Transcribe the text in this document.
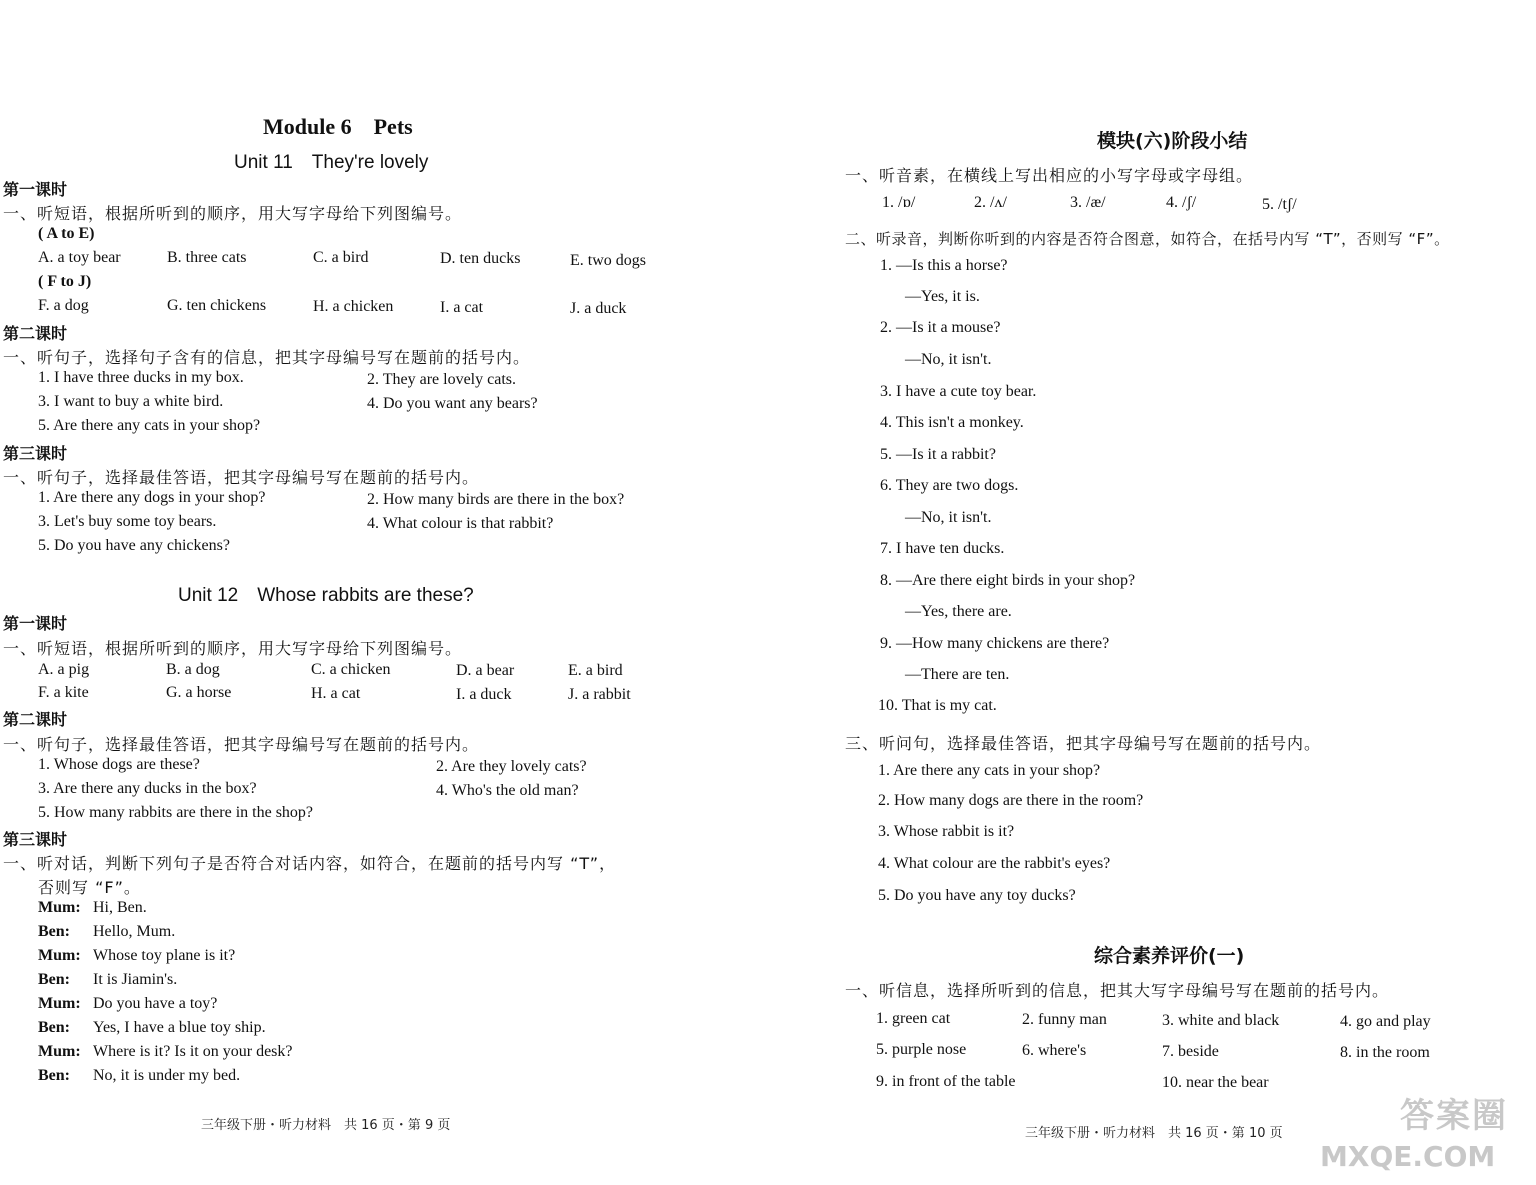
Module 6　Pets
Unit 11　They're lovely
第一课时
一、听短语，根据所听到的顺序，用大写字母给下列图编号。
( A to E)
A. a toy bear	B. three cats	C. a bird	D. ten ducks	E. two dogs
( F to J)
F. a dog	G. ten chickens	H. a chicken	I. a cat	J. a duck
第二课时
一、听句子，选择句子含有的信息，把其字母编号写在题前的括号内。
1. I have three ducks in my box.	2. They are lovely cats.
3. I want to buy a white bird.	4. Do you want any bears?
5. Are there any cats in your shop?
第三课时
一、听句子，选择最佳答语，把其字母编号写在题前的括号内。
1. Are there any dogs in your shop?	2. How many birds are there in the box?
3. Let's buy some toy bears.	4. What colour is that rabbit?
5. Do you have any chickens?
Unit 12　Whose rabbits are these?
第一课时
一、听短语，根据所听到的顺序，用大写字母给下列图编号。
A. a pig	B. a dog	C. a chicken	D. a bear	E. a bird
F. a kite	G. a horse	H. a cat	I. a duck	J. a rabbit
第二课时
一、听句子，选择最佳答语，把其字母编号写在题前的括号内。
1. Whose dogs are these?	2. Are they lovely cats?
3. Are there any ducks in the box?	4. Who's the old man?
5. How many rabbits are there in the shop?
第三课时
一、听对话，判断下列句子是否符合对话内容，如符合，在题前的括号内写 “T”，
否则写 “F”。
Mum: Hi, Ben.
Ben: Hello, Mum.
Mum: Whose toy plane is it?
Ben: It is Jiamin's.
Mum: Do you have a toy?
Ben: Yes, I have a blue toy ship.
Mum: Where is it? Is it on your desk?
Ben: No, it is under my bed.
三年级下册・听力材料　共 16 页・第 9 页
模块(六)阶段小结
一、听音素，在横线上写出相应的小写字母或字母组。
1. /ɒ/	2. /ʌ/	3. /æ/	4. /ʃ/	5. /tʃ/
二、听录音，判断你听到的内容是否符合图意，如符合，在括号内写 “T”，否则写 “F”。
1. —Is this a horse?
—Yes, it is.
2. —Is it a mouse?
—No, it isn't.
3. I have a cute toy bear.
4. This isn't a monkey.
5. —Is it a rabbit?
6. They are two dogs.
—No, it isn't.
7. I have ten ducks.
8. —Are there eight birds in your shop?
—Yes, there are.
9. —How many chickens are there?
—There are ten.
10. That is my cat.
三、听问句，选择最佳答语，把其字母编号写在题前的括号内。
1. Are there any cats in your shop?
2. How many dogs are there in the room?
3. Whose rabbit is it?
4. What colour are the rabbit's eyes?
5. Do you have any toy ducks?
综合素养评价(一)
一、听信息，选择所听到的信息，把其大写字母编号写在题前的括号内。
1. green cat	2. funny man	3. white and black	4. go and play
5. purple nose	6. where's	7. beside	8. in the room
9. in front of the table	10. near the bear
三年级下册・听力材料　共 16 页・第 10 页	答案圈
MXQE.COM
